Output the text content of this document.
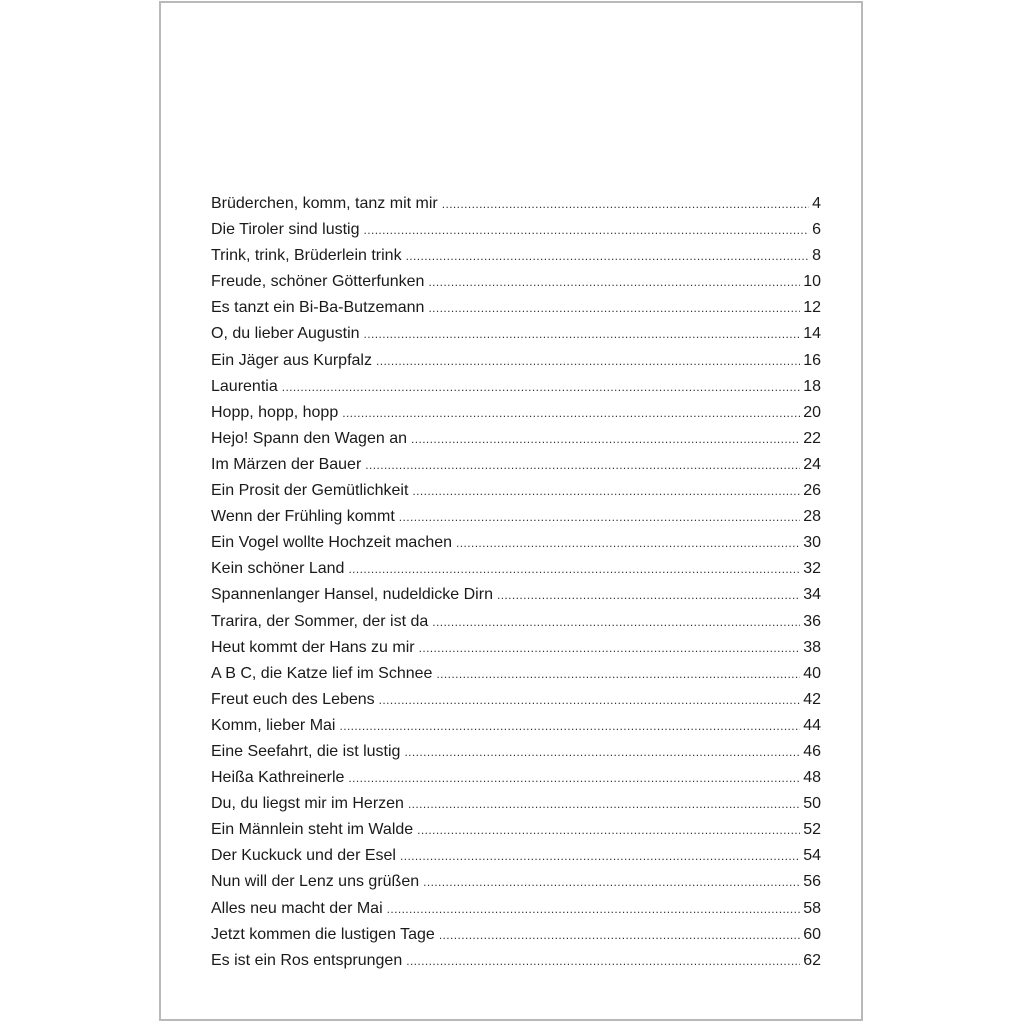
Brüderchen, komm, tanz mit mir .....	4
Die Tiroler sind lustig .....	6
Trink, trink, Brüderlein trink .....	8
Freude, schöner Götterfunken .....	10
Es tanzt ein Bi-Ba-Butzemann .....	12
O, du lieber Augustin .....	14
Ein Jäger aus Kurpfalz .....	16
Laurentia .....	18
Hopp, hopp, hopp .....	20
Hejo! Spann den Wagen an .....	22
Im Märzen der Bauer .....	24
Ein Prosit der Gemütlichkeit .....	26
Wenn der Frühling kommt .....	28
Ein Vogel wollte Hochzeit machen .....	30
Kein schöner Land .....	32
Spannenlanger Hansel, nudeldicke Dirn .....	34
Trarira, der Sommer, der ist da .....	36
Heut kommt der Hans zu mir .....	38
A B C, die Katze lief im Schnee .....	40
Freut euch des Lebens .....	42
Komm, lieber Mai .....	44
Eine Seefahrt, die ist lustig .....	46
Heißa Kathreinerle .....	48
Du, du liegst mir im Herzen .....	50
Ein Männlein steht im Walde .....	52
Der Kuckuck und der Esel .....	54
Nun will der Lenz uns grüßen .....	56
Alles neu macht der Mai .....	58
Jetzt kommen die lustigen Tage .....	60
Es ist ein Ros entsprungen .....	62
